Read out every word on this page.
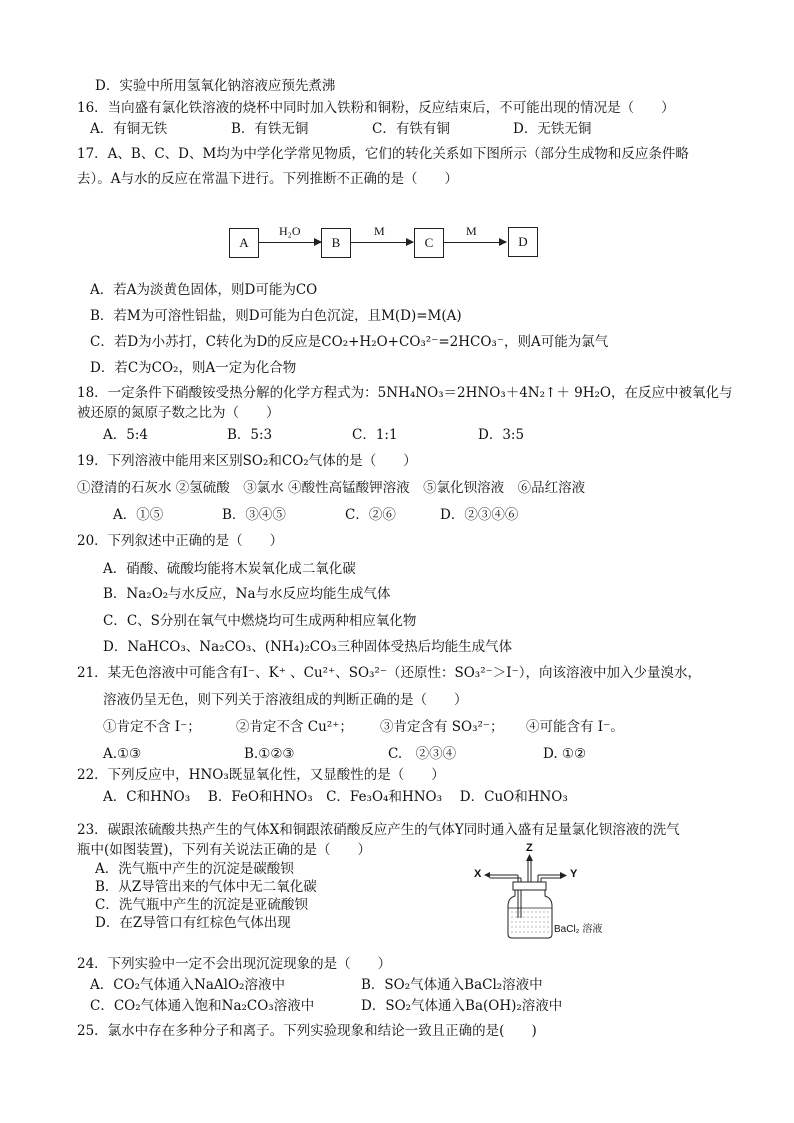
D．实验中所用氢氧化钠溶液应预先煮沸
16．当向盛有氯化铁溶液的烧杯中同时加入铁粉和铜粉，反应结束后，不可能出现的情况是（　　）
A．有铜无铁	B．有铁无铜	C．有铁有铜	D．无铁无铜
17．A、B、C、D、M均为中学化学常见物质，它们的转化关系如下图所示（部分生成物和反应条件略
去）。A与水的反应在常温下进行。下列推断不正确的是（　　）
A
H₂O
B
M
C
M
D
A．若A为淡黄色固体，则D可能为CO
B．若M为可溶性铝盐，则D可能为白色沉淀，且M(D)=M(A)
C．若D为小苏打，C转化为D的反应是CO₂+H₂O+CO₃²⁻=2HCO₃⁻，则A可能为氯气
D．若C为CO₂，则A一定为化合物
18．一定条件下硝酸铵受热分解的化学方程式为：5NH₄NO₃＝2HNO₃＋4N₂↑＋ 9H₂O，在反应中被氧化与
被还原的氮原子数之比为（　　）
A．5:4	B．5:3	C．1:1	D．3:5
19．下列溶液中能用来区别SO₂和CO₂气体的是（　　）
①澄清的石灰水 ②氢硫酸　③氯水 ④酸性高锰酸钾溶液　⑤氯化钡溶液　⑥品红溶液
A．①⑤	B．③④⑤	C．②⑥	D．②③④⑥
20．下列叙述中正确的是（　　）
A．硝酸、硫酸均能将木炭氧化成二氧化碳
B．Na₂O₂与水反应，Na与水反应均能生成气体
C．C、S分别在氧气中燃烧均可生成两种相应氧化物
D．NaHCO₃、Na₂CO₃、(NH₄)₂CO₃三种固体受热后均能生成气体
21．某无色溶液中可能含有I⁻、K⁺ 、Cu²⁺、SO₃²⁻（还原性：SO₃²⁻＞I⁻），向该溶液中加入少量溴水，
溶液仍呈无色，则下列关于溶液组成的判断正确的是（　　）
①肯定不含 I⁻；	②肯定不含 Cu²⁺； ③肯定含有 SO₃²⁻； ④可能含有 I⁻。
A.①③	B.①②③	C.　②③④	D. ①②
22．下列反应中，HNO₃既显氧化性，又显酸性的是（　　）
A．C和HNO₃　 B．FeO和HNO₃　C．Fe₃O₄和HNO₃　 D．CuO和HNO₃
23．碳跟浓硫酸共热产生的气体X和铜跟浓硝酸反应产生的气体Y同时通入盛有足量氯化钡溶液的洗气
瓶中(如图装置)，下列有关说法正确的是（　　）
A．洗气瓶中产生的沉淀是碳酸钡
B．从Z导管出来的气体中无二氧化碳
C．洗气瓶中产生的沉淀是亚硫酸钡
D．在Z导管口有红棕色气体出现
X	Y
Z
BaCl₂ 溶液
24．下列实验中一定不会出现沉淀现象的是（　　）
A．CO₂气体通入NaAlO₂溶液中	B．SO₂气体通入BaCl₂溶液中
C．CO₂气体通入饱和Na₂CO₃溶液中	D．SO₂气体通入Ba(OH)₂溶液中
25．氯水中存在多种分子和离子。下列实验现象和结论一致且正确的是(　　)
